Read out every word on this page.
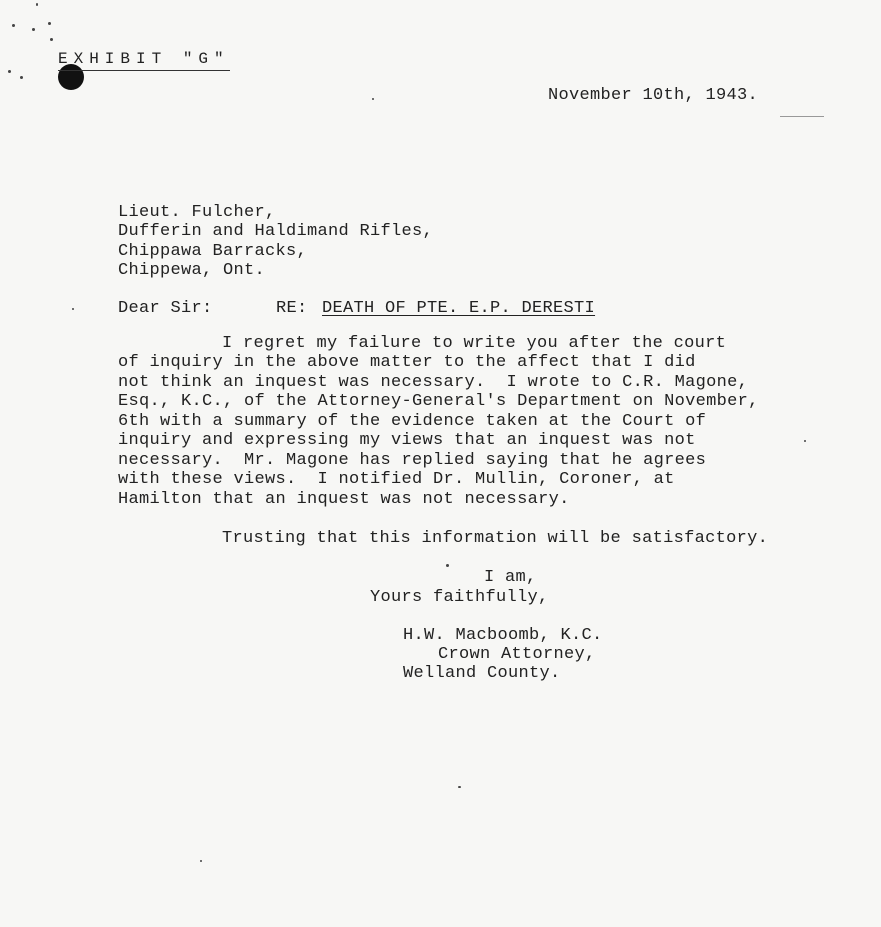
EXHIBIT "G"
November 10th, 1943.
Lieut. Fulcher,
Dufferin and Haldimand Rifles,
Chippawa Barracks,
Chippewa, Ont.
Dear Sir:	RE: DEATH OF PTE. E.P. DERESTI
I regret my failure to write you after the court
of inquiry in the above matter to the affect that I did
not think an inquest was necessary.  I wrote to C.R. Magone,
Esq., K.C., of the Attorney-General's Department on November,
6th with a summary of the evidence taken at the Court of
inquiry and expressing my views that an inquest was not
necessary.  Mr. Magone has replied saying that he agrees
with these views.  I notified Dr. Mullin, Coroner, at
Hamilton that an inquest was not necessary.
Trusting that this information will be satisfactory.
I am,
Yours faithfully,
H.W. Macboomb, K.C.
Crown Attorney,
Welland County.
